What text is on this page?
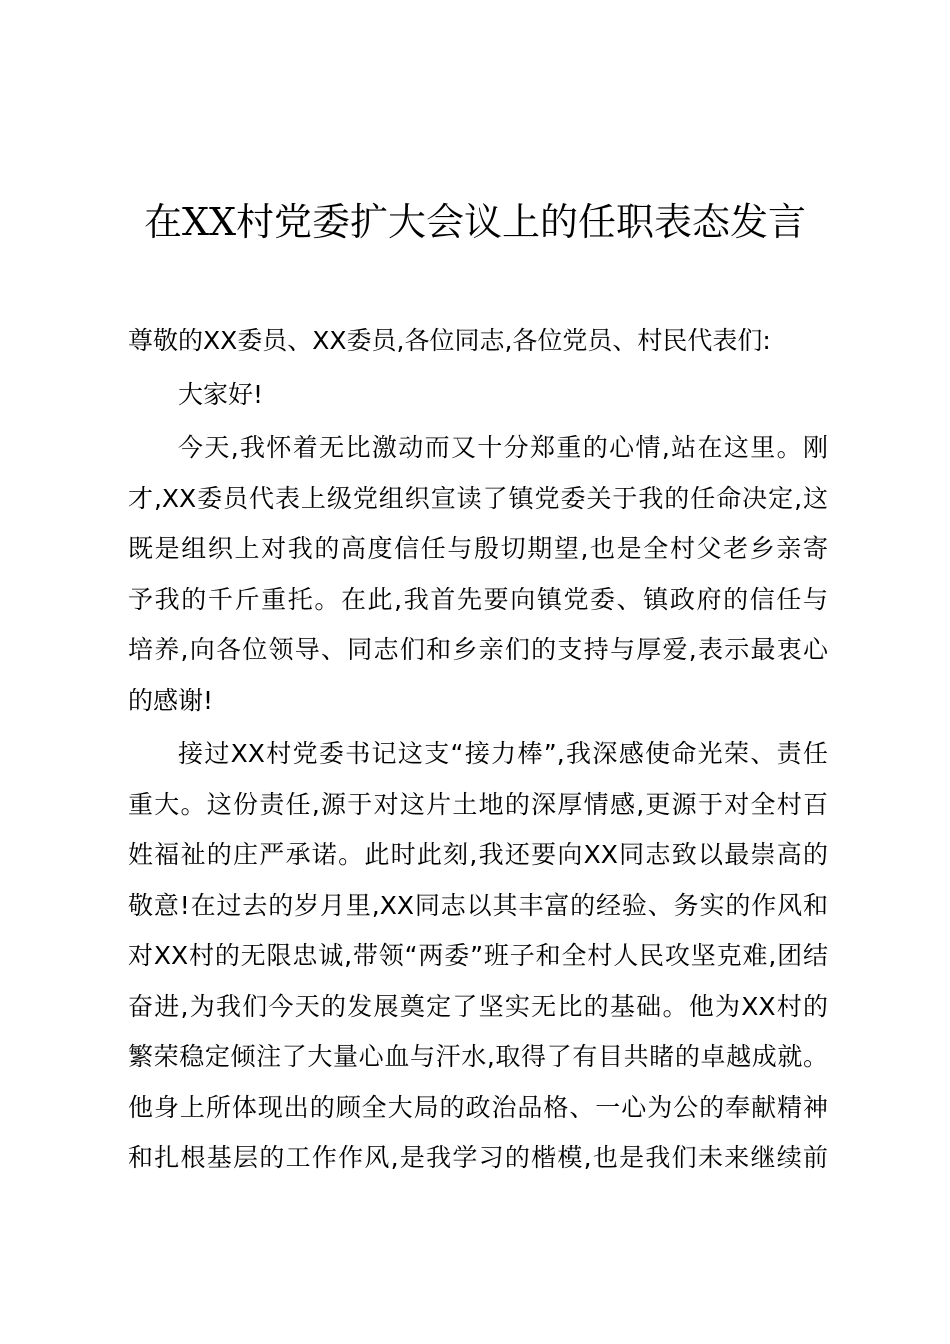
在XX村党委扩大会议上的任职表态发言

尊敬的XX委员、XX委员,各位同志,各位党员、村民代表们:

大家好!

今天,我怀着无比激动而又十分郑重的心情,站在这里。刚
才,XX委员代表上级党组织宣读了镇党委关于我的任命决定,这
既是组织上对我的高度信任与殷切期望,也是全村父老乡亲寄
予我的千斤重托。在此,我首先要向镇党委、镇政府的信任与
培养,向各位领导、同志们和乡亲们的支持与厚爱,表示最衷心
的感谢!
接过XX村党委书记这支“接力棒”,我深感使命光荣、责任
重大。这份责任,源于对这片土地的深厚情感,更源于对全村百
姓福祉的庄严承诺。此时此刻,我还要向XX同志致以最崇高的
敬意!在过去的岁月里,XX同志以其丰富的经验、务实的作风和
对XX村的无限忠诚,带领“两委”班子和全村人民攻坚克难,团结
奋进,为我们今天的发展奠定了坚实无比的基础。他为XX村的
繁荣稳定倾注了大量心血与汗水,取得了有目共睹的卓越成就。
他身上所体现出的顾全大局的政治品格、一心为公的奉献精神
和扎根基层的工作作风,是我学习的楷模,也是我们未来继续前
